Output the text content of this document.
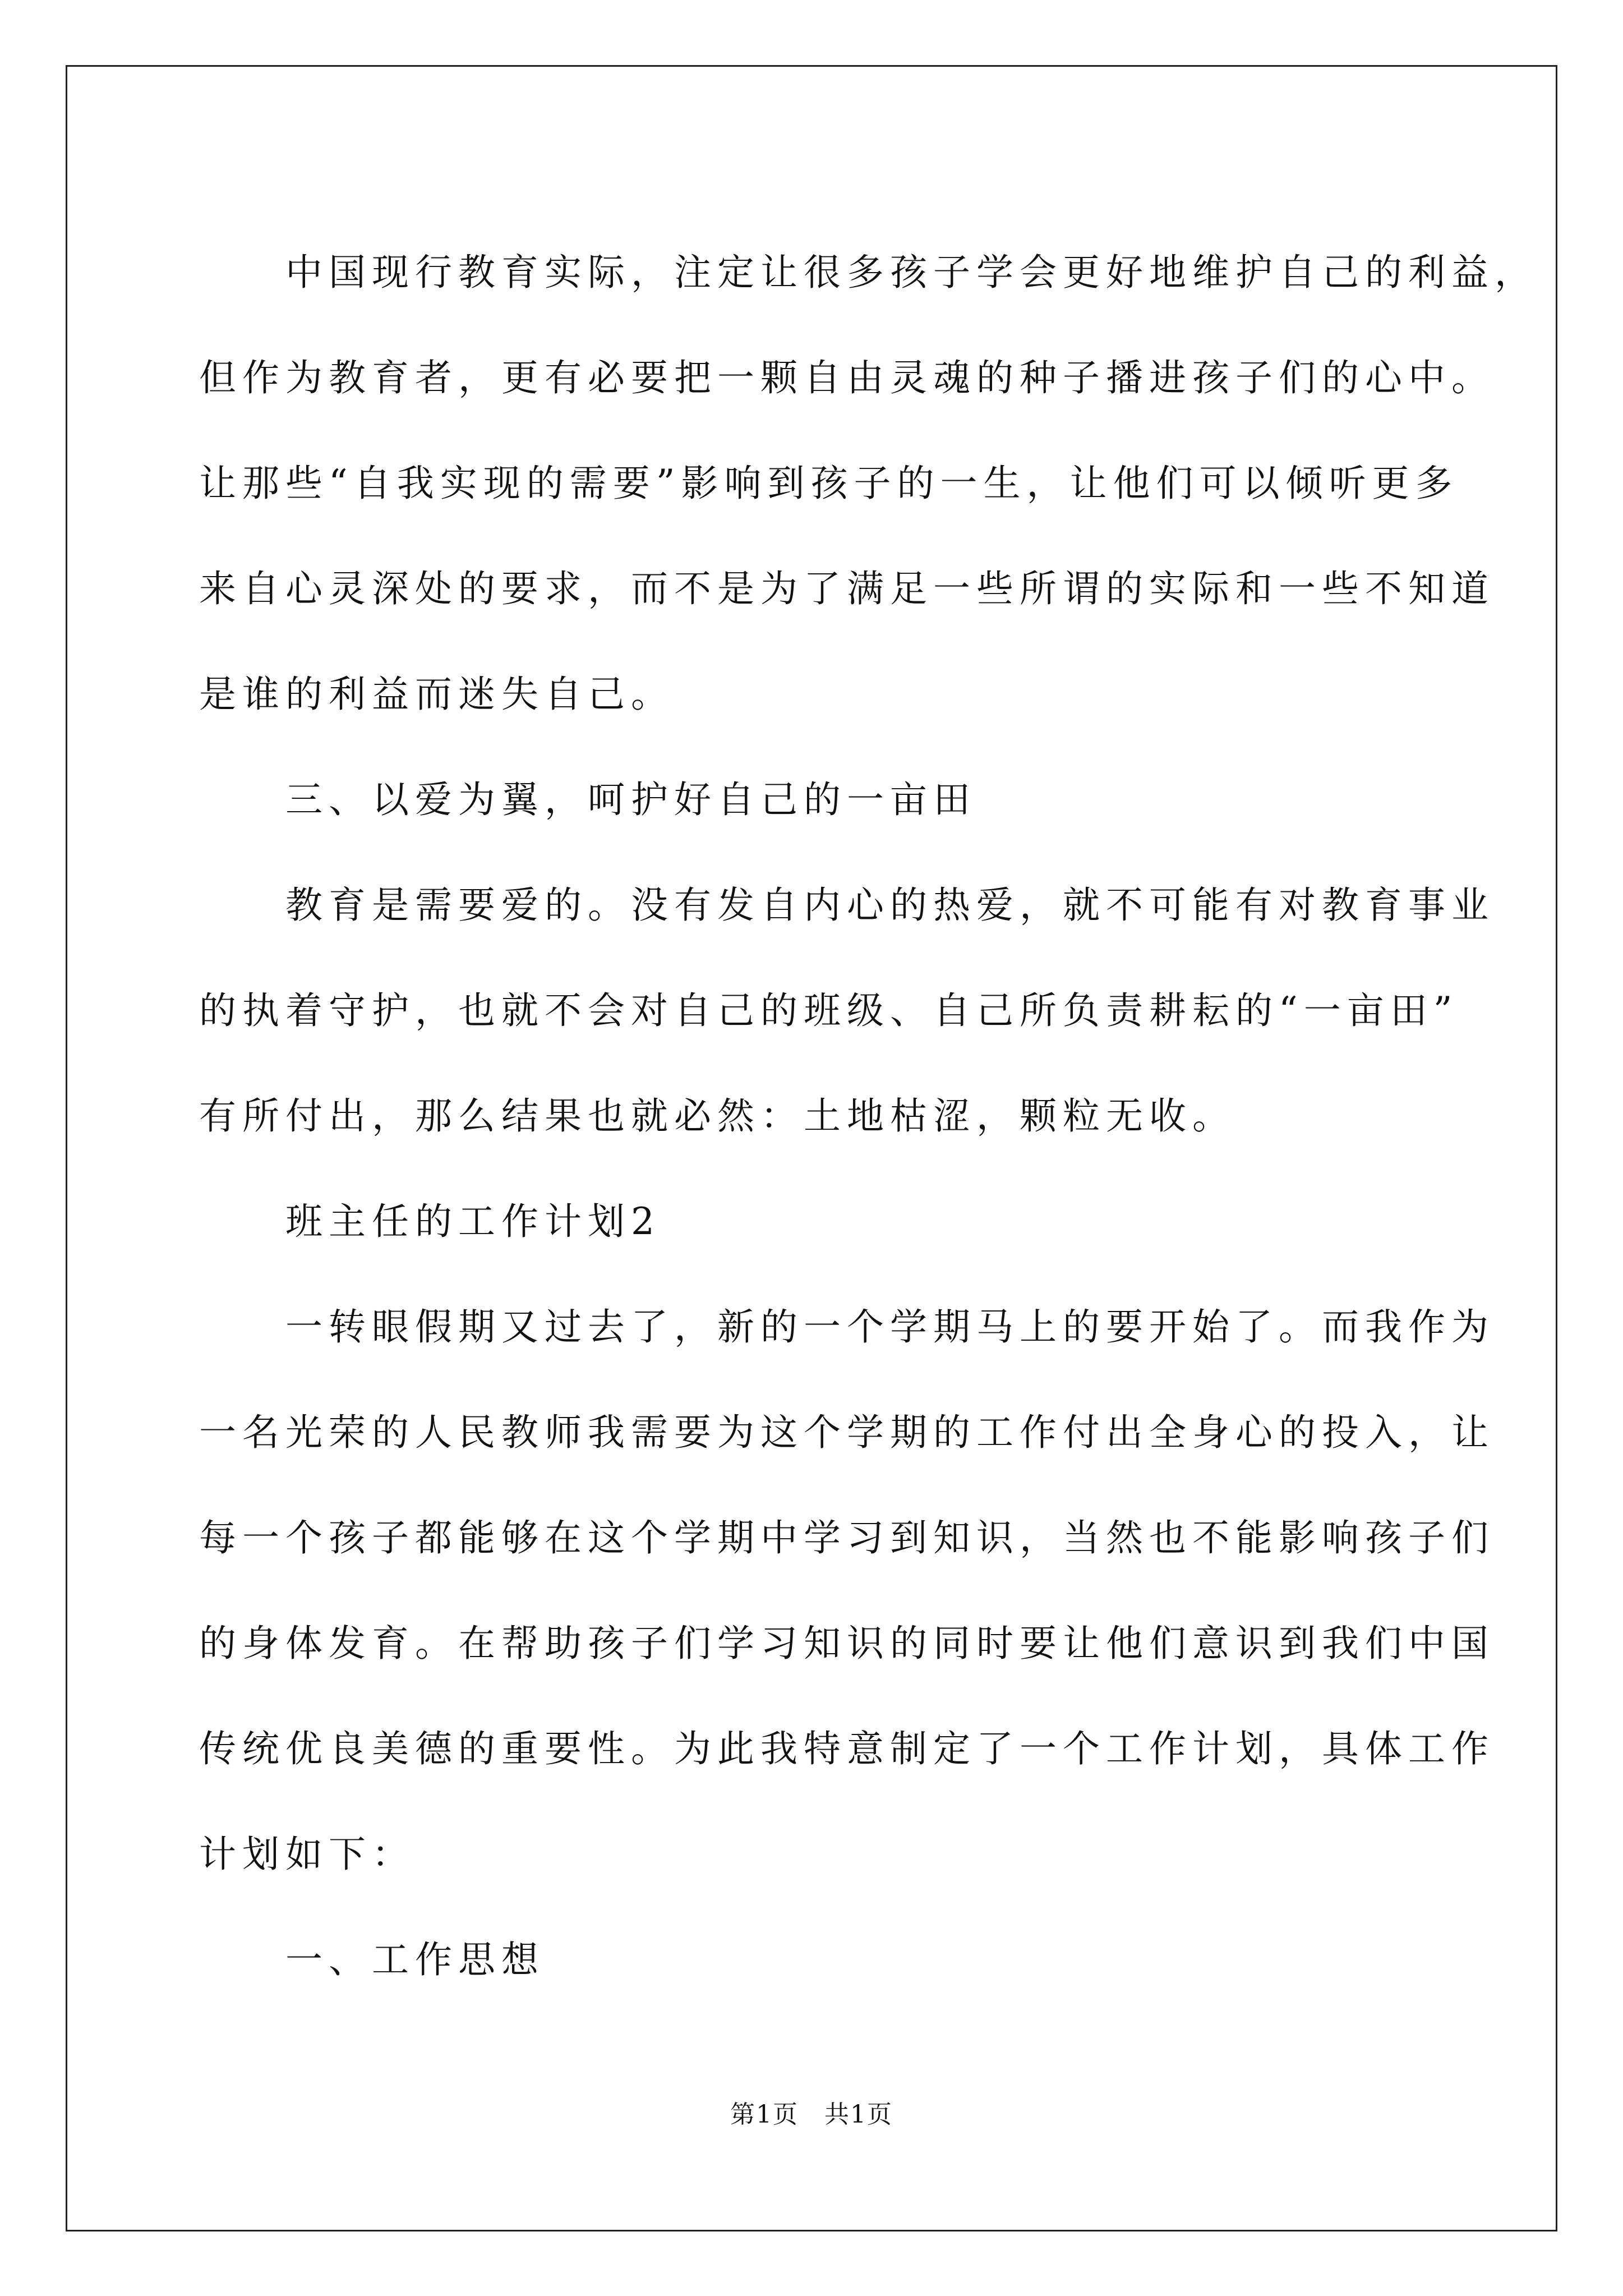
　　中国现行教育实际，注定让很多孩子学会更好地维护自己的利益，
但作为教育者，更有必要把一颗自由灵魂的种子播进孩子们的心中。
让那些“自我实现的需要”影响到孩子的一生，让他们可以倾听更多
来自心灵深处的要求，而不是为了满足一些所谓的实际和一些不知道
是谁的利益而迷失自己。
　　三、以爱为翼，呵护好自己的一亩田
　　教育是需要爱的。没有发自内心的热爱，就不可能有对教育事业
的执着守护，也就不会对自己的班级、自己所负责耕耘的“一亩田”
有所付出，那么结果也就必然：土地枯涩，颗粒无收。
　　班主任的工作计划2
　　一转眼假期又过去了，新的一个学期马上的要开始了。而我作为
一名光荣的人民教师我需要为这个学期的工作付出全身心的投入，让
每一个孩子都能够在这个学期中学习到知识，当然也不能影响孩子们
的身体发育。在帮助孩子们学习知识的同时要让他们意识到我们中国
传统优良美德的重要性。为此我特意制定了一个工作计划，具体工作
计划如下：
　　一、工作思想
第1页　共1页
